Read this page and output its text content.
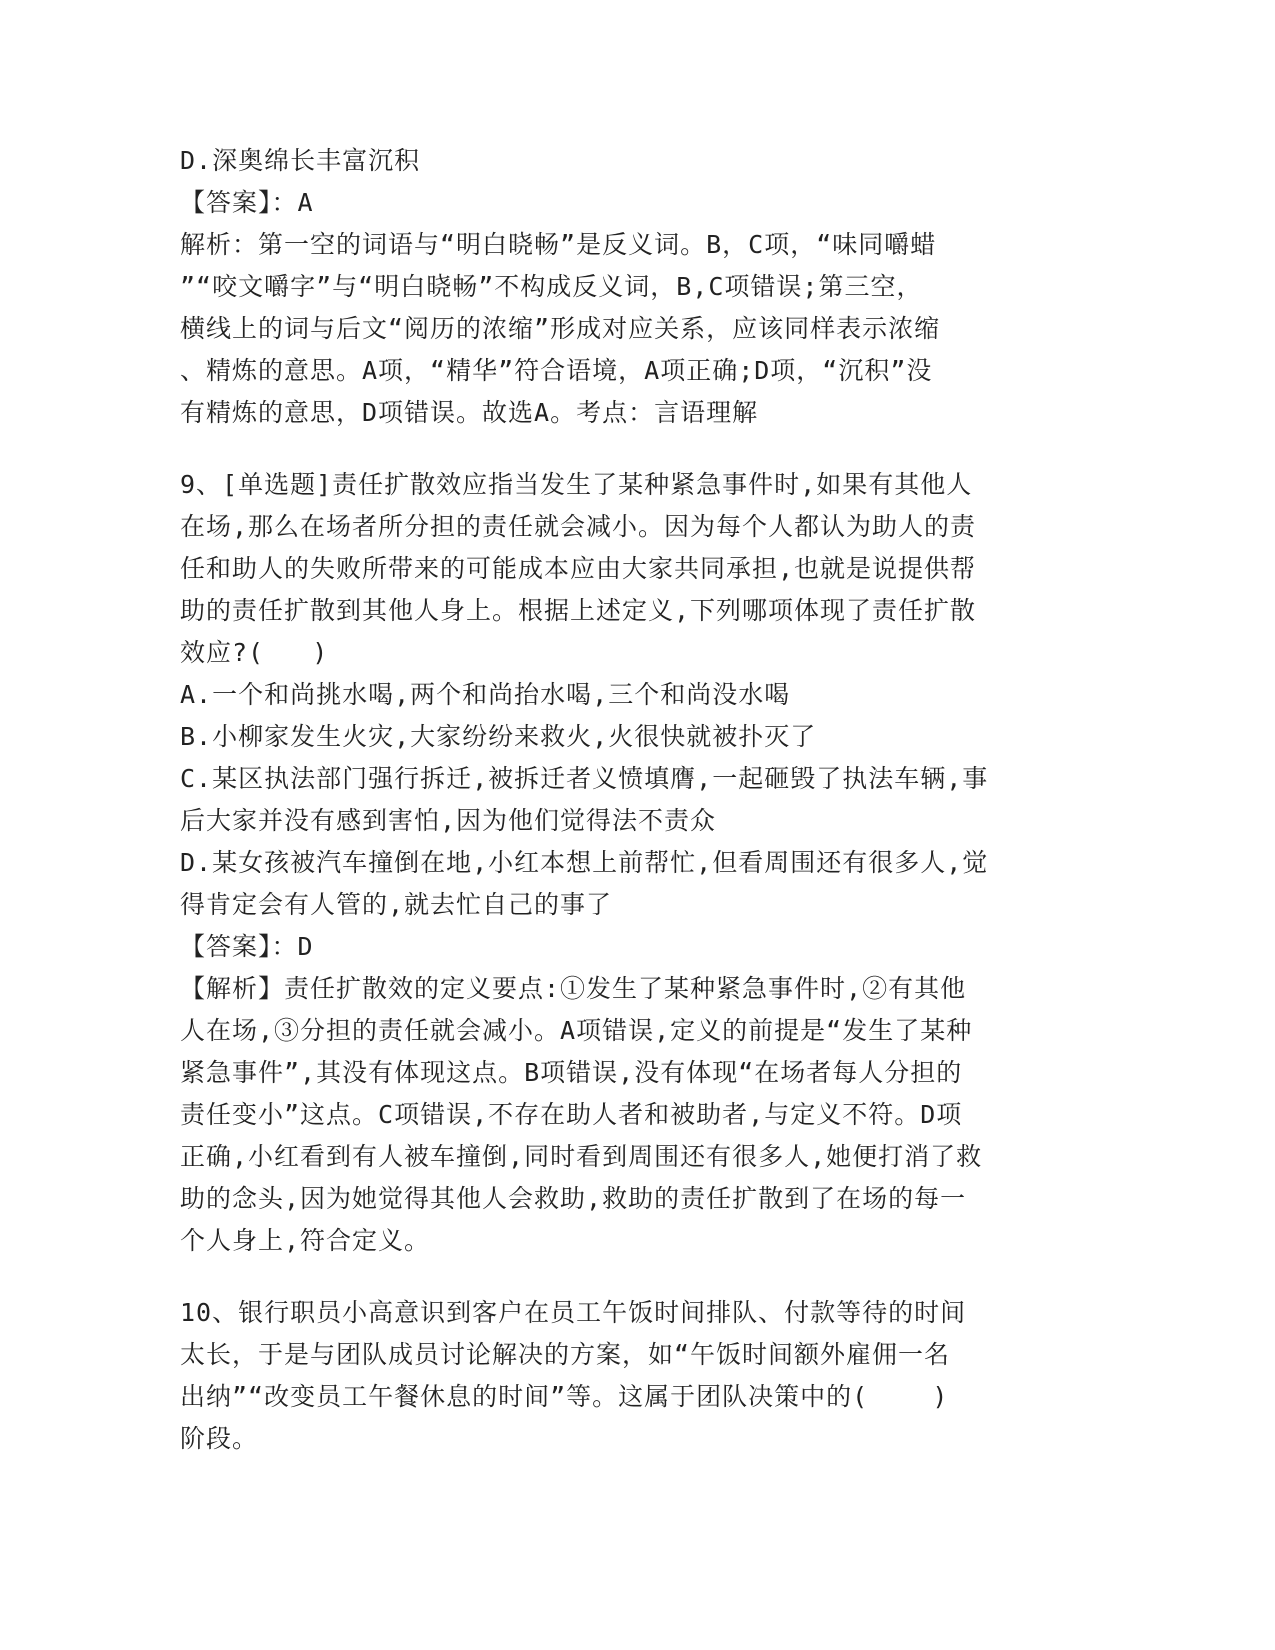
D.深奥绵长丰富沉积
【答案】：A
解析：第一空的词语与“明白晓畅”是反义词。B，C项，“味同嚼蜡
”“咬文嚼字”与“明白晓畅”不构成反义词，B,C项错误;第三空，
横线上的词与后文“阅历的浓缩”形成对应关系，应该同样表示浓缩
、精炼的意思。A项，“精华”符合语境，A项正确;D项，“沉积”没
有精炼的意思，D项错误。故选A。考点：言语理解
9、[单选题]责任扩散效应指当发生了某种紧急事件时,如果有其他人
在场,那么在场者所分担的责任就会减小。因为每个人都认为助人的责
任和助人的失败所带来的可能成本应由大家共同承担,也就是说提供帮
助的责任扩散到其他人身上。根据上述定义,下列哪项体现了责任扩散
效应?(   )
A.一个和尚挑水喝,两个和尚抬水喝,三个和尚没水喝
B.小柳家发生火灾,大家纷纷来救火,火很快就被扑灭了
C.某区执法部门强行拆迁,被拆迁者义愤填膺,一起砸毁了执法车辆,事
后大家并没有感到害怕,因为他们觉得法不责众
D.某女孩被汽车撞倒在地,小红本想上前帮忙,但看周围还有很多人,觉
得肯定会有人管的,就去忙自己的事了
【答案】：D
【解析】责任扩散效的定义要点:①发生了某种紧急事件时,②有其他
人在场,③分担的责任就会减小。A项错误,定义的前提是“发生了某种
紧急事件”,其没有体现这点。B项错误,没有体现“在场者每人分担的
责任变小”这点。C项错误,不存在助人者和被助者,与定义不符。D项
正确,小红看到有人被车撞倒,同时看到周围还有很多人,她便打消了救
助的念头,因为她觉得其他人会救助,救助的责任扩散到了在场的每一
个人身上,符合定义。
10、银行职员小高意识到客户在员工午饭时间排队、付款等待的时间
太长，于是与团队成员讨论解决的方案，如“午饭时间额外雇佣一名
出纳”“改变员工午餐休息的时间”等。这属于团队决策中的(    )
阶段。
